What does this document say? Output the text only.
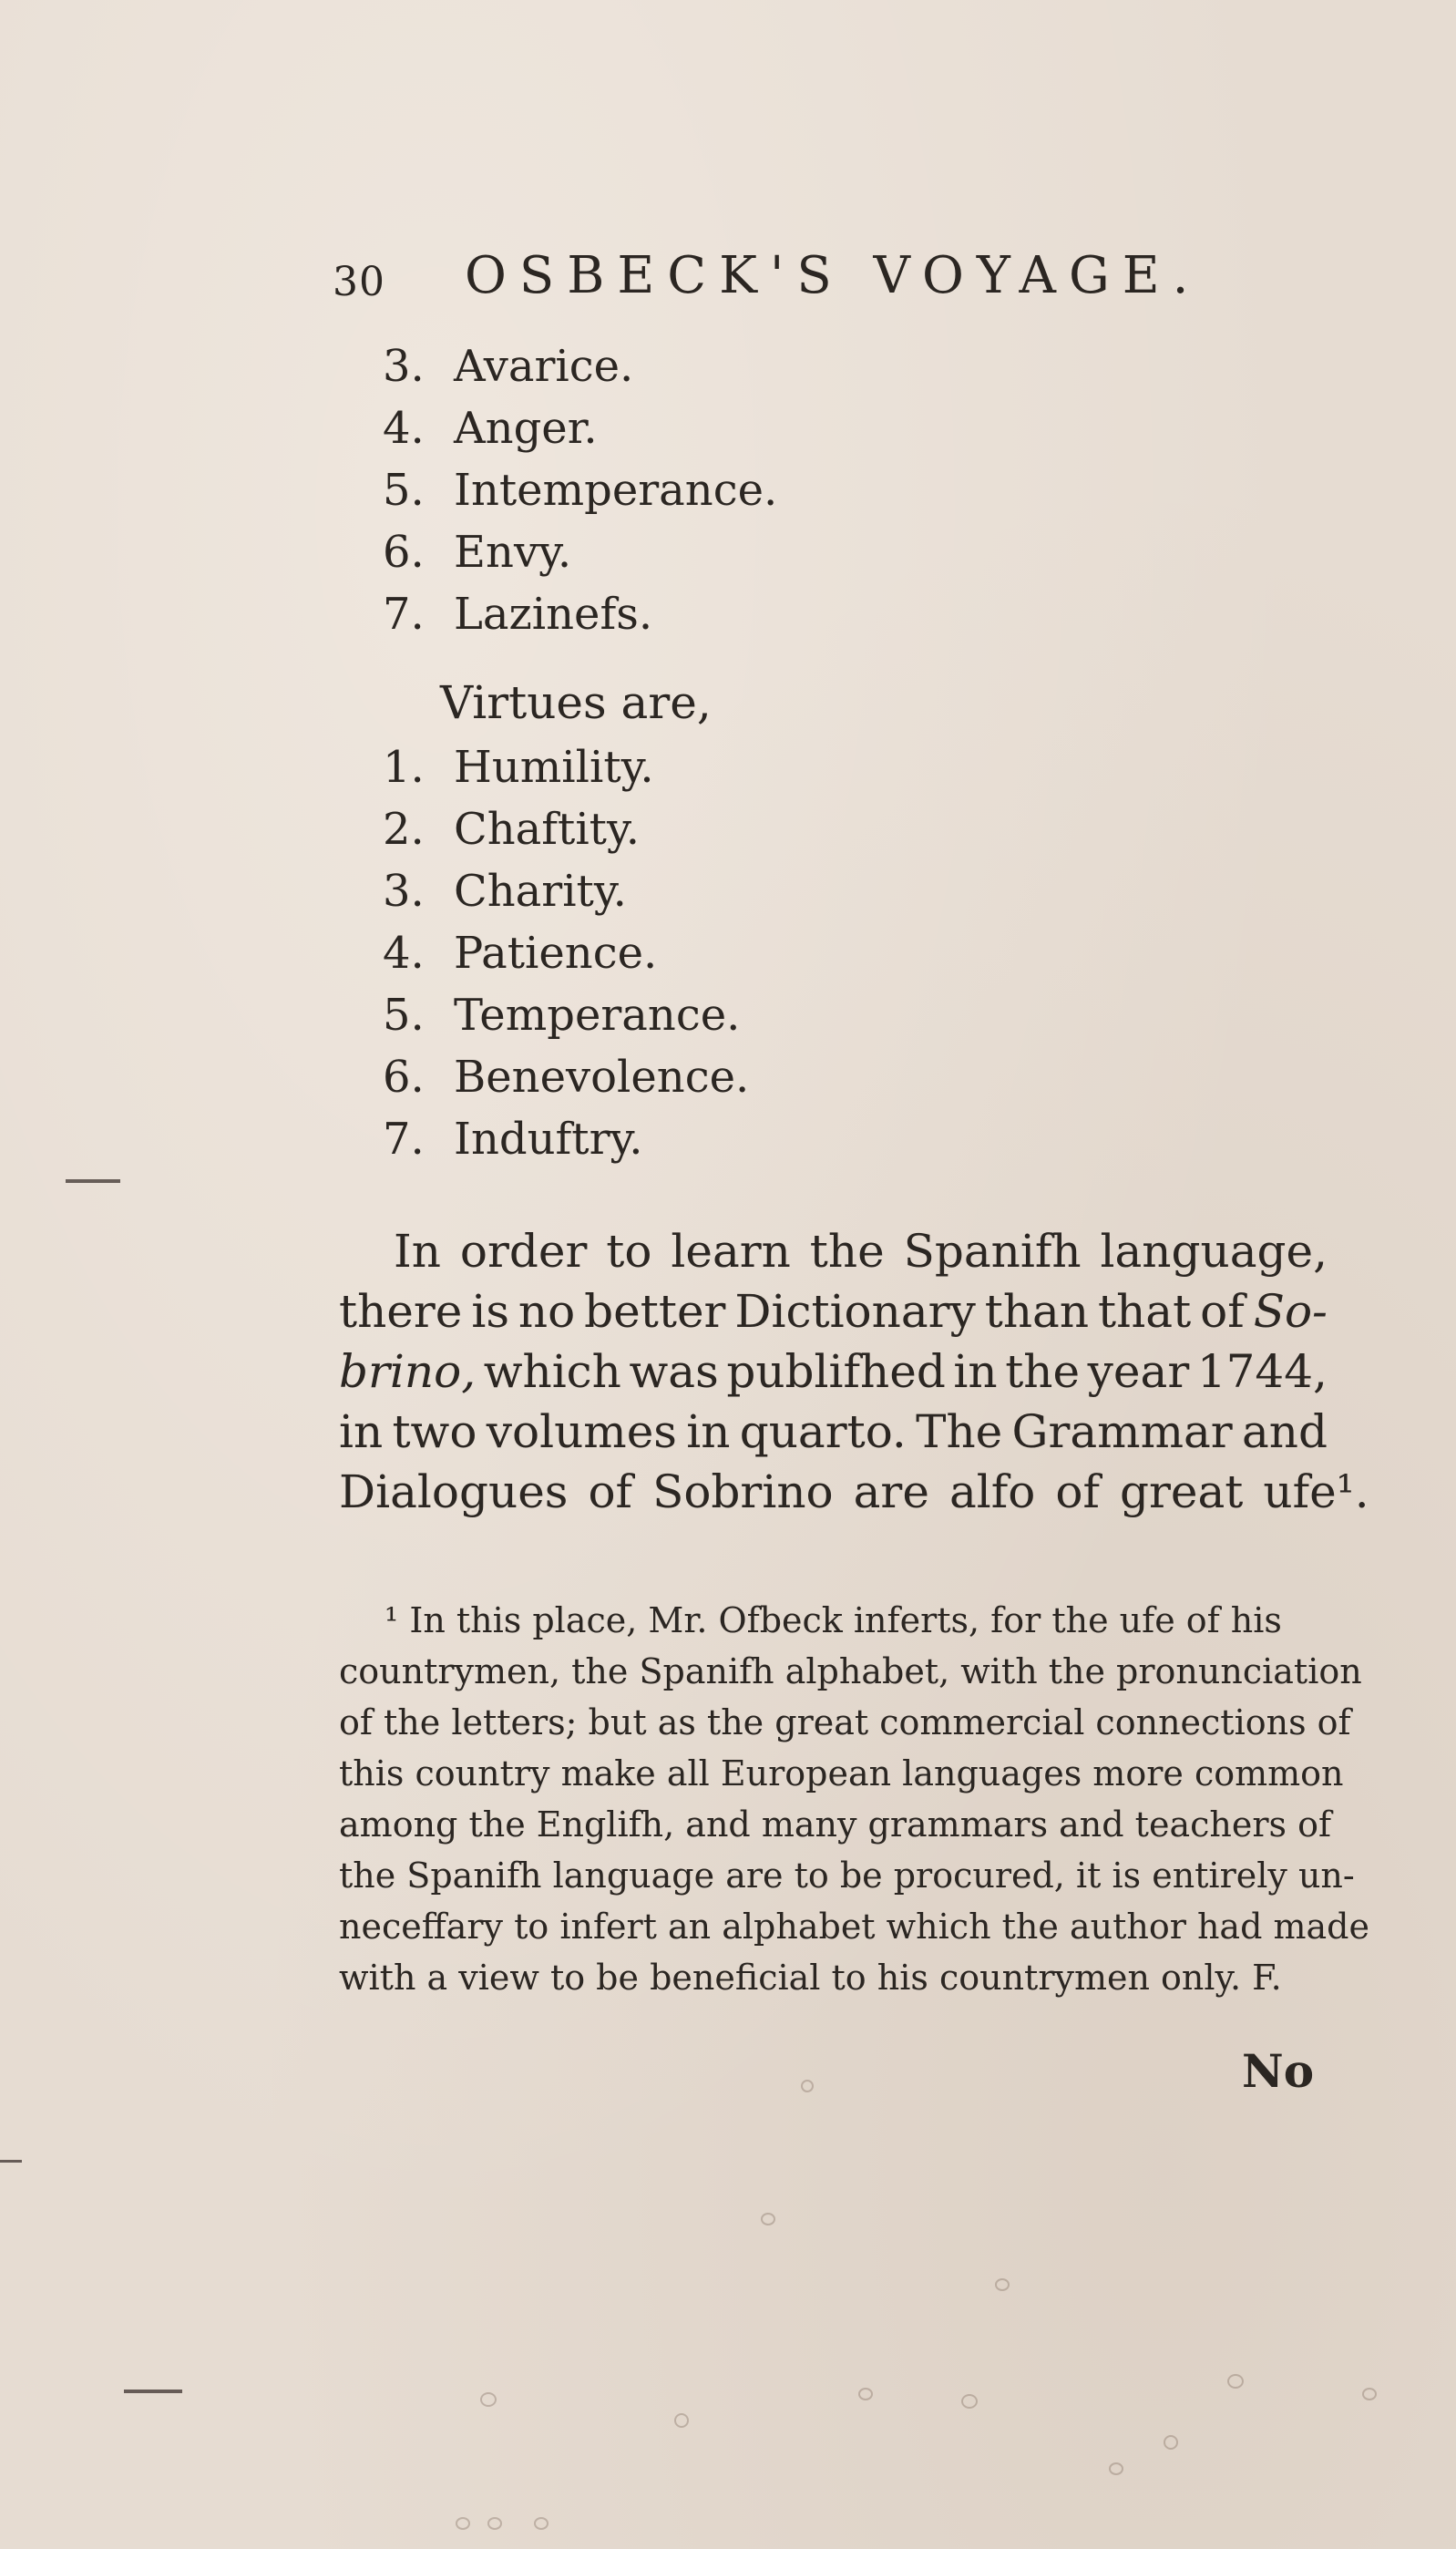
30 OSBECK'S VOYAGE.
3. Avarice.
4. Anger.
5. Intemperance.
6. Envy.
7. Lazinefs.
Virtues are,
1. Humility.
2. Chaftity.
3. Charity.
4. Patience.
5. Temperance.
6. Benevolence.
7. Induftry.
In order to learn the Spanifh language,
there is no better Dictionary than that of So-
brino, which was publifhed in the year 1744,
in two volumes in quarto. The Grammar and
Dialogues of Sobrino are alfo of great ufe¹.
¹ In this place, Mr. Ofbeck inferts, for the ufe of his
countrymen, the Spanifh alphabet, with the pronunciation
of the letters; but as the great commercial connections of
this country make all European languages more common
among the Englifh, and many grammars and teachers of
the Spanifh language are to be procured, it is entirely un-
neceffary to infert an alphabet which the author had made
with a view to be beneficial to his countrymen only. F.
No
